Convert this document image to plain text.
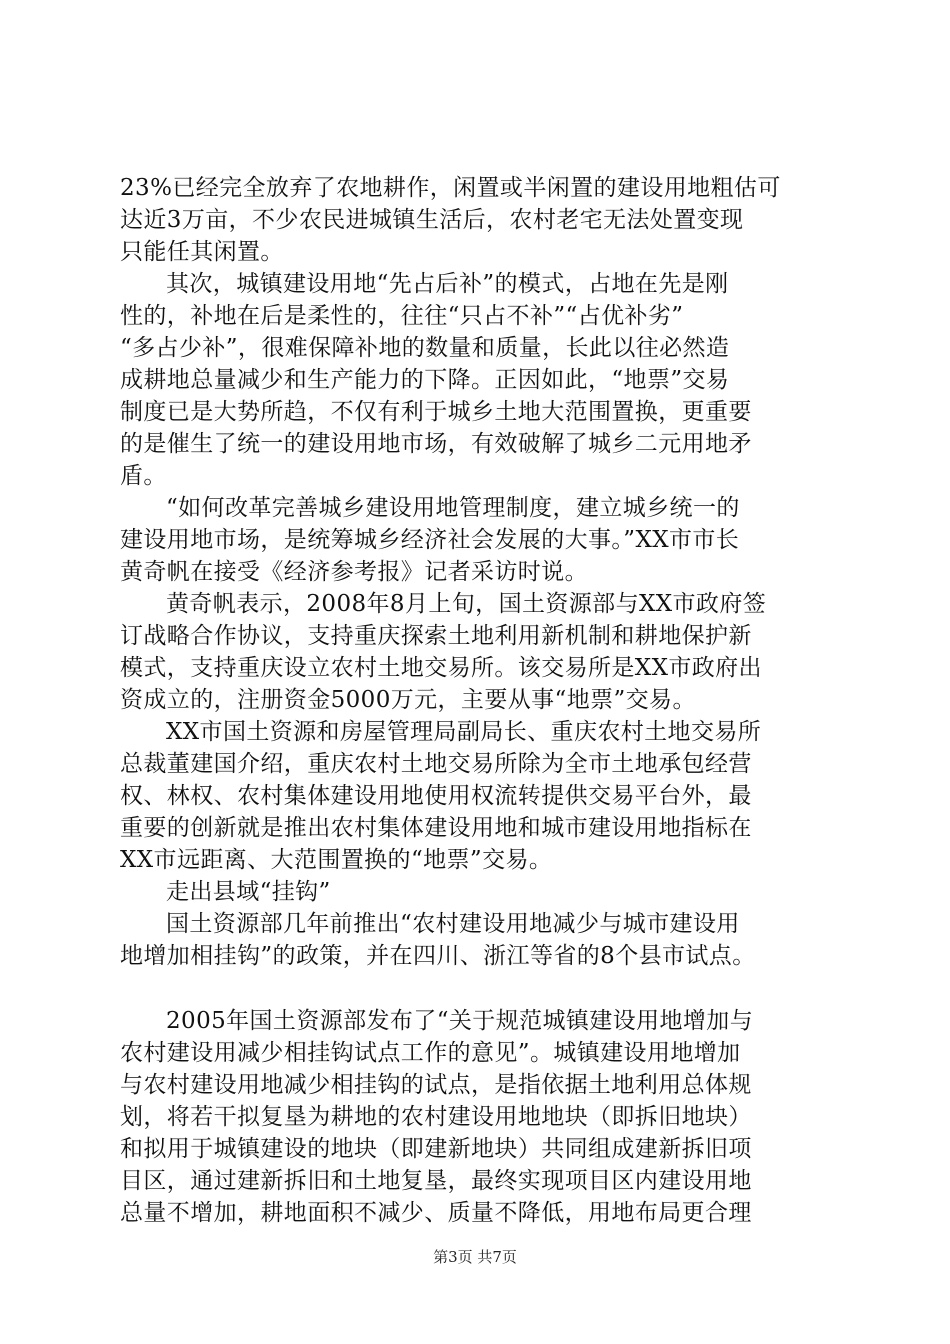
23%已经完全放弃了农地耕作，闲置或半闲置的建设用地粗估可
达近3万亩，不少农民进城镇生活后，农村老宅无法处置变现
只能任其闲置。
其次，城镇建设用地“先占后补”的模式，占地在先是刚
性的，补地在后是柔性的，往往“只占不补”“占优补劣”
“多占少补”，很难保障补地的数量和质量，长此以往必然造
成耕地总量减少和生产能力的下降。正因如此，“地票”交易
制度已是大势所趋，不仅有利于城乡土地大范围置换，更重要
的是催生了统一的建设用地市场，有效破解了城乡二元用地矛
盾。
“如何改革完善城乡建设用地管理制度，建立城乡统一的
建设用地市场，是统筹城乡经济社会发展的大事。”XX市市长
黄奇帆在接受《经济参考报》记者采访时说。
黄奇帆表示，2008年8月上旬，国土资源部与XX市政府签
订战略合作协议，支持重庆探索土地利用新机制和耕地保护新
模式，支持重庆设立农村土地交易所。该交易所是XX市政府出
资成立的，注册资金5000万元，主要从事“地票”交易。
XX市国土资源和房屋管理局副局长、重庆农村土地交易所
总裁董建国介绍，重庆农村土地交易所除为全市土地承包经营
权、林权、农村集体建设用地使用权流转提供交易平台外，最
重要的创新就是推出农村集体建设用地和城市建设用地指标在
XX市远距离、大范围置换的“地票”交易。
走出县域“挂钩”
国土资源部几年前推出“农村建设用地减少与城市建设用
地增加相挂钩”的政策，并在四川、浙江等省的8个县市试点。
2005年国土资源部发布了“关于规范城镇建设用地增加与
农村建设用减少相挂钩试点工作的意见”。城镇建设用地增加
与农村建设用地减少相挂钩的试点，是指依据土地利用总体规
划，将若干拟复垦为耕地的农村建设用地地块（即拆旧地块）
和拟用于城镇建设的地块（即建新地块）共同组成建新拆旧项
目区，通过建新拆旧和土地复垦，最终实现项目区内建设用地
总量不增加，耕地面积不减少、质量不降低，用地布局更合理
第3页 共7页
